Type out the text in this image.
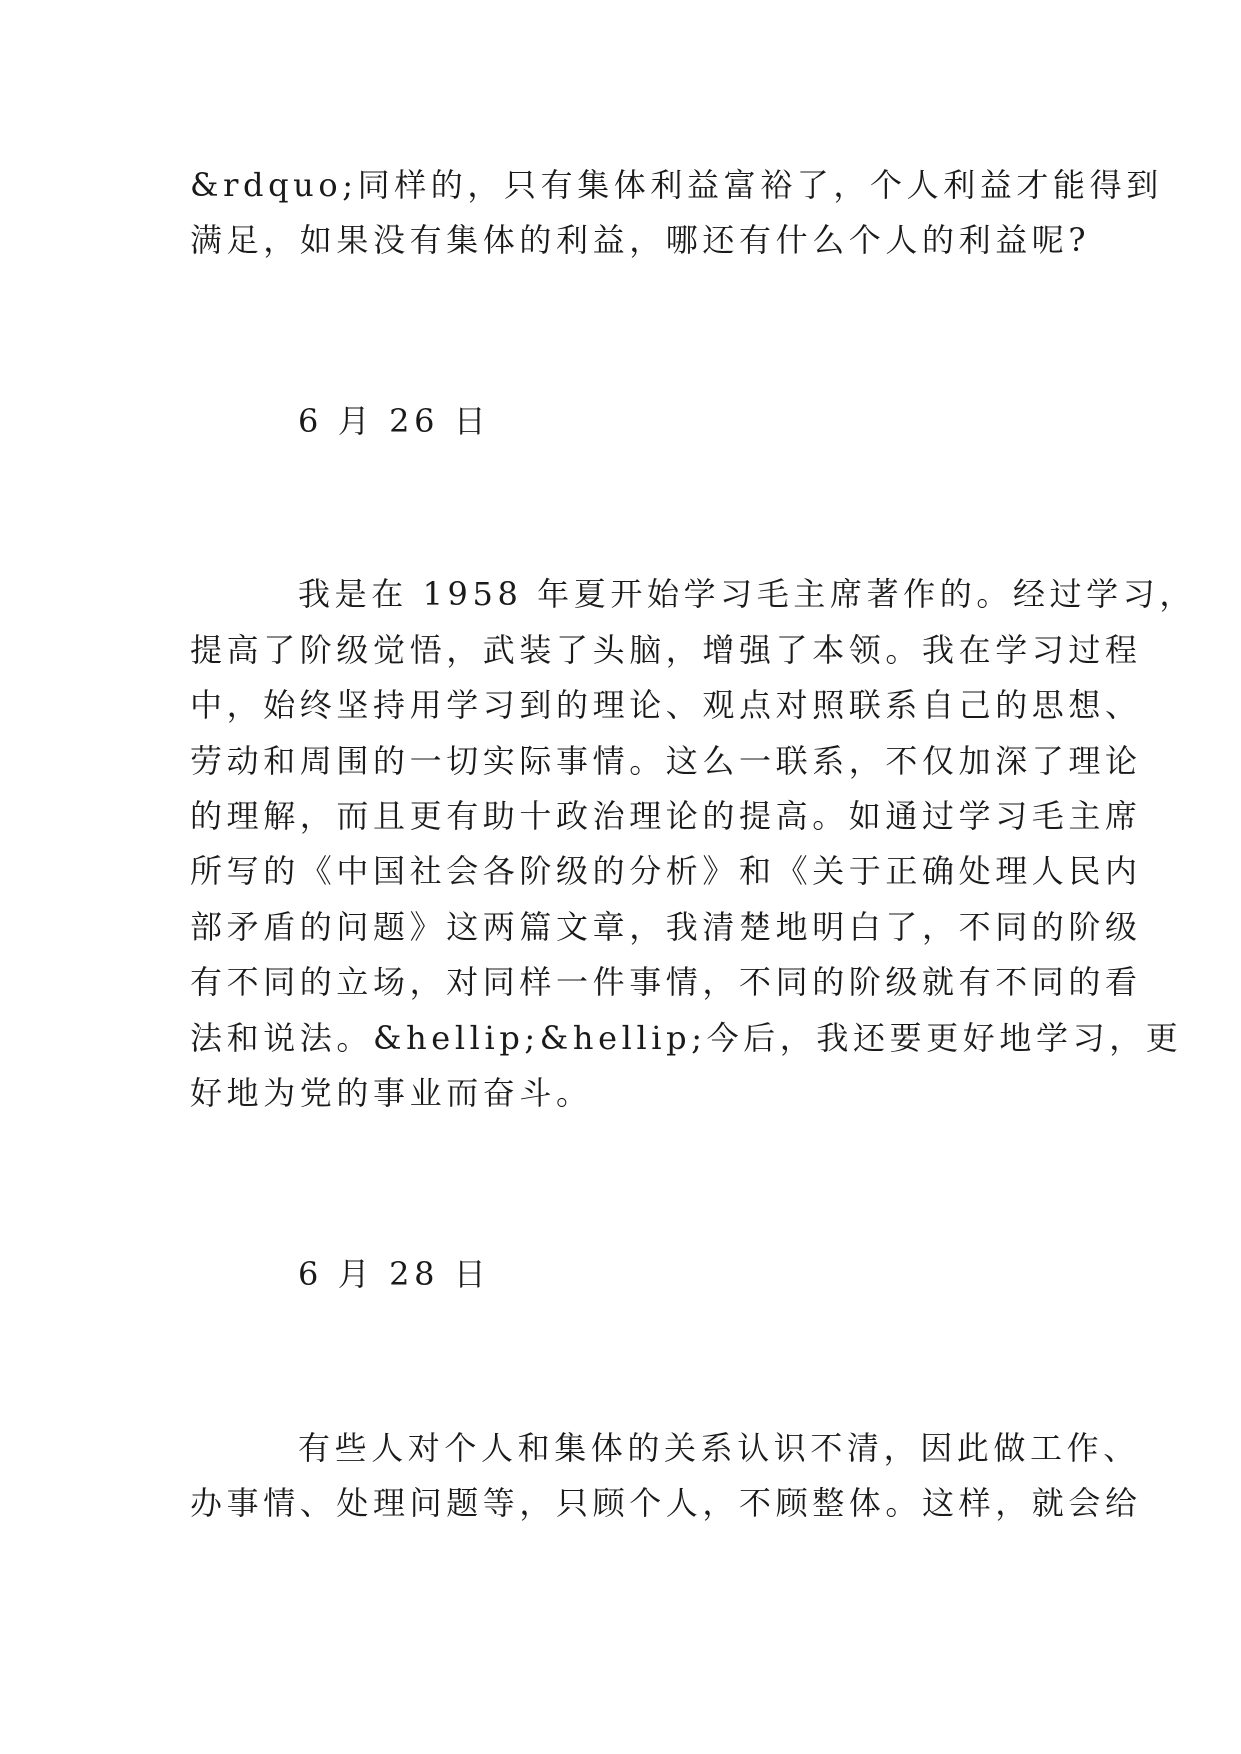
&rdquo;同样的，只有集体利益富裕了，个人利益才能得到
满足，如果没有集体的利益，哪还有什么个人的利益呢?
6 月 26 日
我是在 1958 年夏开始学习毛主席著作的。经过学习，
提高了阶级觉悟，武装了头脑，增强了本领。我在学习过程
中，始终坚持用学习到的理论、观点对照联系自己的思想、
劳动和周围的一切实际事情。这么一联系，不仅加深了理论
的理解，而且更有助十政治理论的提高。如通过学习毛主席
所写的《中国社会各阶级的分析》和《关于正确处理人民内
部矛盾的问题》这两篇文章，我清楚地明白了，不同的阶级
有不同的立场，对同样一件事情，不同的阶级就有不同的看
法和说法。&hellip;&hellip;今后，我还要更好地学习，更
好地为党的事业而奋斗。
6 月 28 日
有些人对个人和集体的关系认识不清，因此做工作、
办事情、处理问题等，只顾个人，不顾整体。这样，就会给
